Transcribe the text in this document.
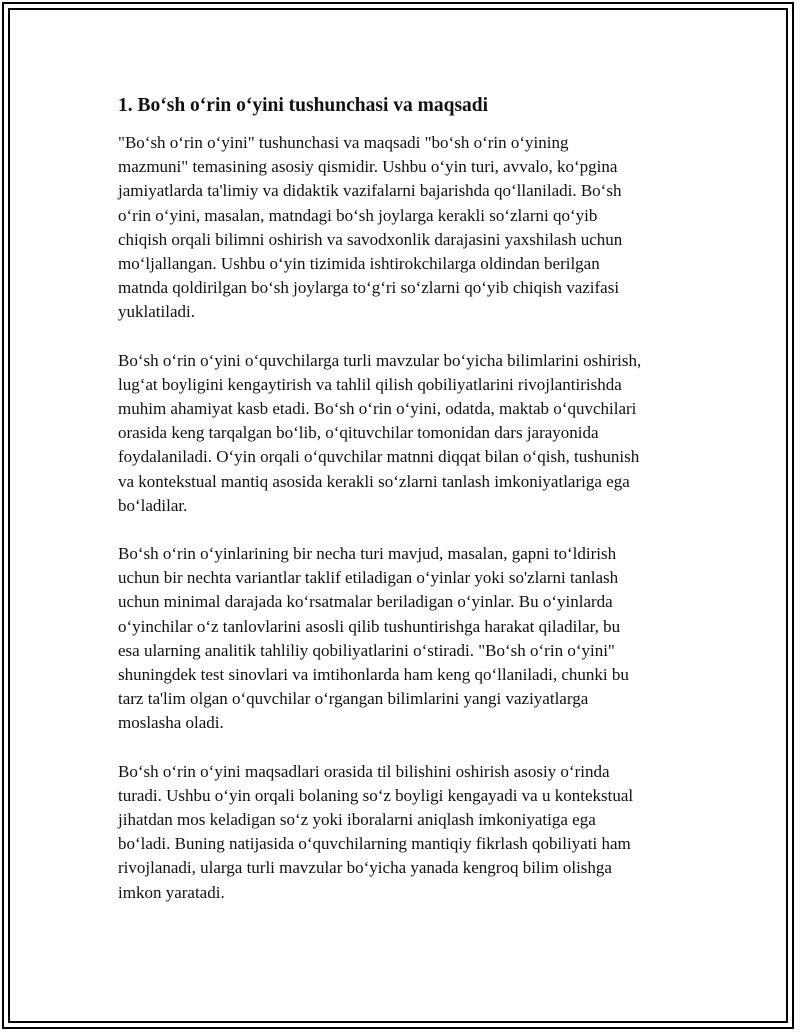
1. Bo‘sh o‘rin o‘yini tushunchasi va maqsadi

"Bo‘sh o‘rin o‘yini" tushunchasi va maqsadi "bo‘sh o‘rin o‘yining
mazmuni" temasining asosiy qismidir. Ushbu o‘yin turi, avvalo, ko‘pgina
jamiyatlarda ta'limiy va didaktik vazifalarni bajarishda qo‘llaniladi. Bo‘sh
o‘rin o‘yini, masalan, matndagi bo‘sh joylarga kerakli so‘zlarni qo‘yib
chiqish orqali bilimni oshirish va savodxonlik darajasini yaxshilash uchun
mo‘ljallangan. Ushbu o‘yin tizimida ishtirokchilarga oldindan berilgan
matnda qoldirilgan bo‘sh joylarga to‘g‘ri so‘zlarni qo‘yib chiqish vazifasi
yuklatiladi.

Bo‘sh o‘rin o‘yini o‘quvchilarga turli mavzular bo‘yicha bilimlarini oshirish,
lug‘at boyligini kengaytirish va tahlil qilish qobiliyatlarini rivojlantirishda
muhim ahamiyat kasb etadi. Bo‘sh o‘rin o‘yini, odatda, maktab o‘quvchilari
orasida keng tarqalgan bo‘lib, o‘qituvchilar tomonidan dars jarayonida
foydalaniladi. O‘yin orqali o‘quvchilar matnni diqqat bilan o‘qish, tushunish
va kontekstual mantiq asosida kerakli so‘zlarni tanlash imkoniyatlariga ega
bo‘ladilar.

Bo‘sh o‘rin o‘yinlarining bir necha turi mavjud, masalan, gapni to‘ldirish
uchun bir nechta variantlar taklif etiladigan o‘yinlar yoki so'zlarni tanlash
uchun minimal darajada ko‘rsatmalar beriladigan o‘yinlar. Bu o‘yinlarda
o‘yinchilar o‘z tanlovlarini asosli qilib tushuntirishga harakat qiladilar, bu
esa ularning analitik tahliliy qobiliyatlarini o‘stiradi. "Bo‘sh o‘rin o‘yini"
shuningdek test sinovlari va imtihonlarda ham keng qo‘llaniladi, chunki bu
tarz ta'lim olgan o‘quvchilar o‘rgangan bilimlarini yangi vaziyatlarga
moslasha oladi.

Bo‘sh o‘rin o‘yini maqsadlari orasida til bilishini oshirish asosiy o‘rinda
turadi. Ushbu o‘yin orqali bolaning so‘z boyligi kengayadi va u kontekstual
jihatdan mos keladigan so‘z yoki iboralarni aniqlash imkoniyatiga ega
bo‘ladi. Buning natijasida o‘quvchilarning mantiqiy fikrlash qobiliyati ham
rivojlanadi, ularga turli mavzular bo‘yicha yanada kengroq bilim olishga
imkon yaratadi.
